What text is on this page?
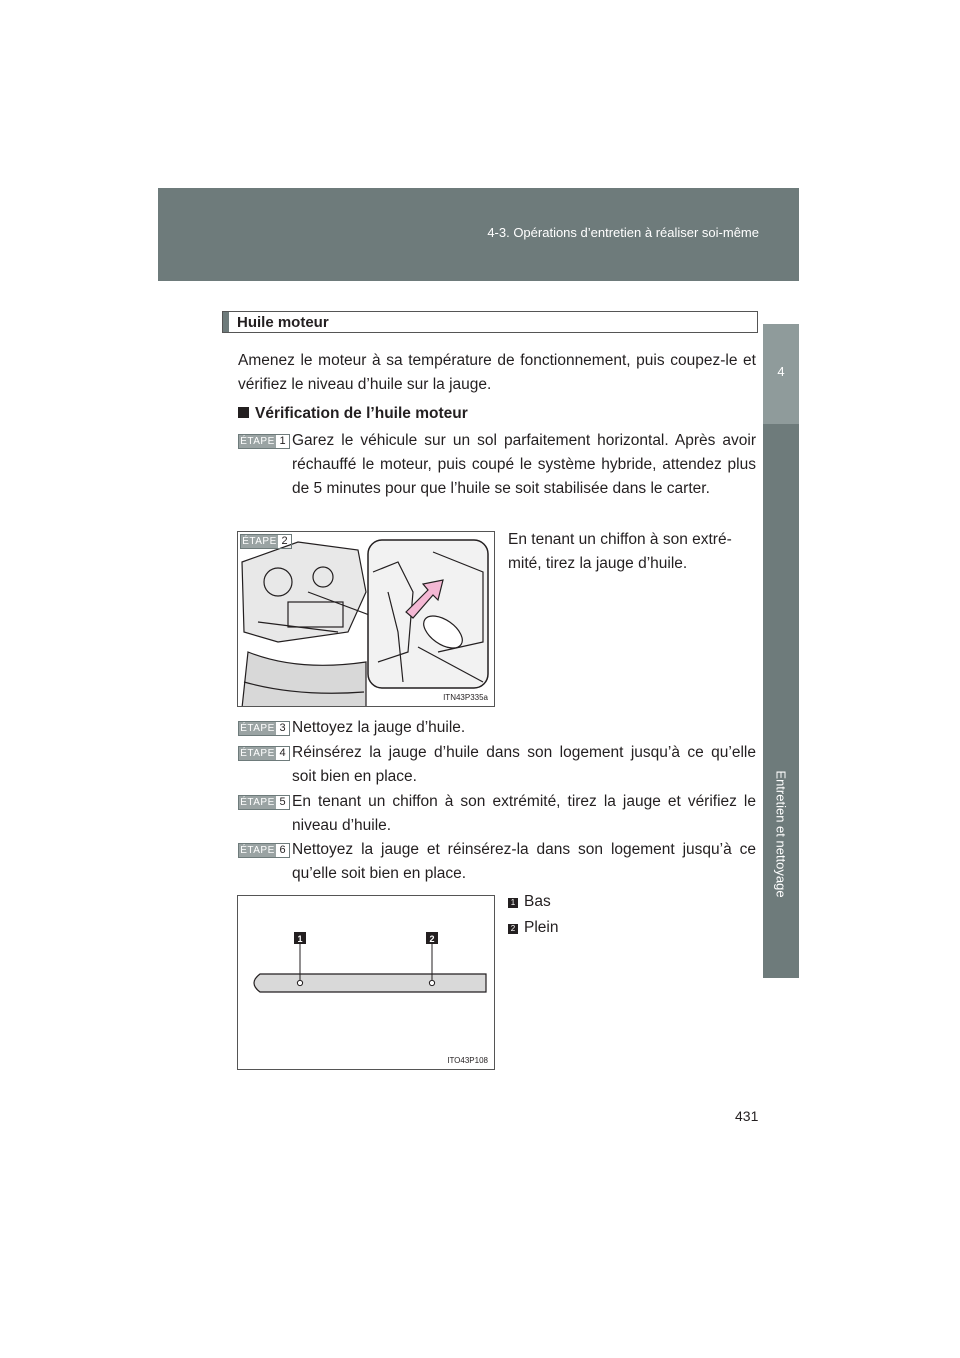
4-3. Opérations d’entretien à réaliser soi-même
4
Entretien et nettoyage
Huile moteur
Amenez le moteur à sa température de fonctionnement, puis coupez-le et vérifiez le niveau d’huile sur la jauge.
Vérification de l’huile moteur
ÉTAPE 1 Garez le véhicule sur un sol parfaitement horizontal. Après avoir réchauffé le moteur, puis coupé le système hybride, attendez plus de 5 minutes pour que l’huile se soit stabilisée dans le carter.
ÉTAPE 2
ITN43P335a
En tenant un chiffon à son extré-mité, tirez la jauge d’huile.
ÉTAPE 3 Nettoyez la jauge d’huile.
ÉTAPE 4 Réinsérez la jauge d’huile dans son logement jusqu’à ce qu’elle soit bien en place.
ÉTAPE 5 En tenant un chiffon à son extrémité, tirez la jauge et vérifiez le niveau d’huile.
ÉTAPE 6 Nettoyez la jauge et réinsérez-la dans son logement jusqu’à ce qu’elle soit bien en place.
1	2
ITO43P108
1 Bas
2 Plein
431
